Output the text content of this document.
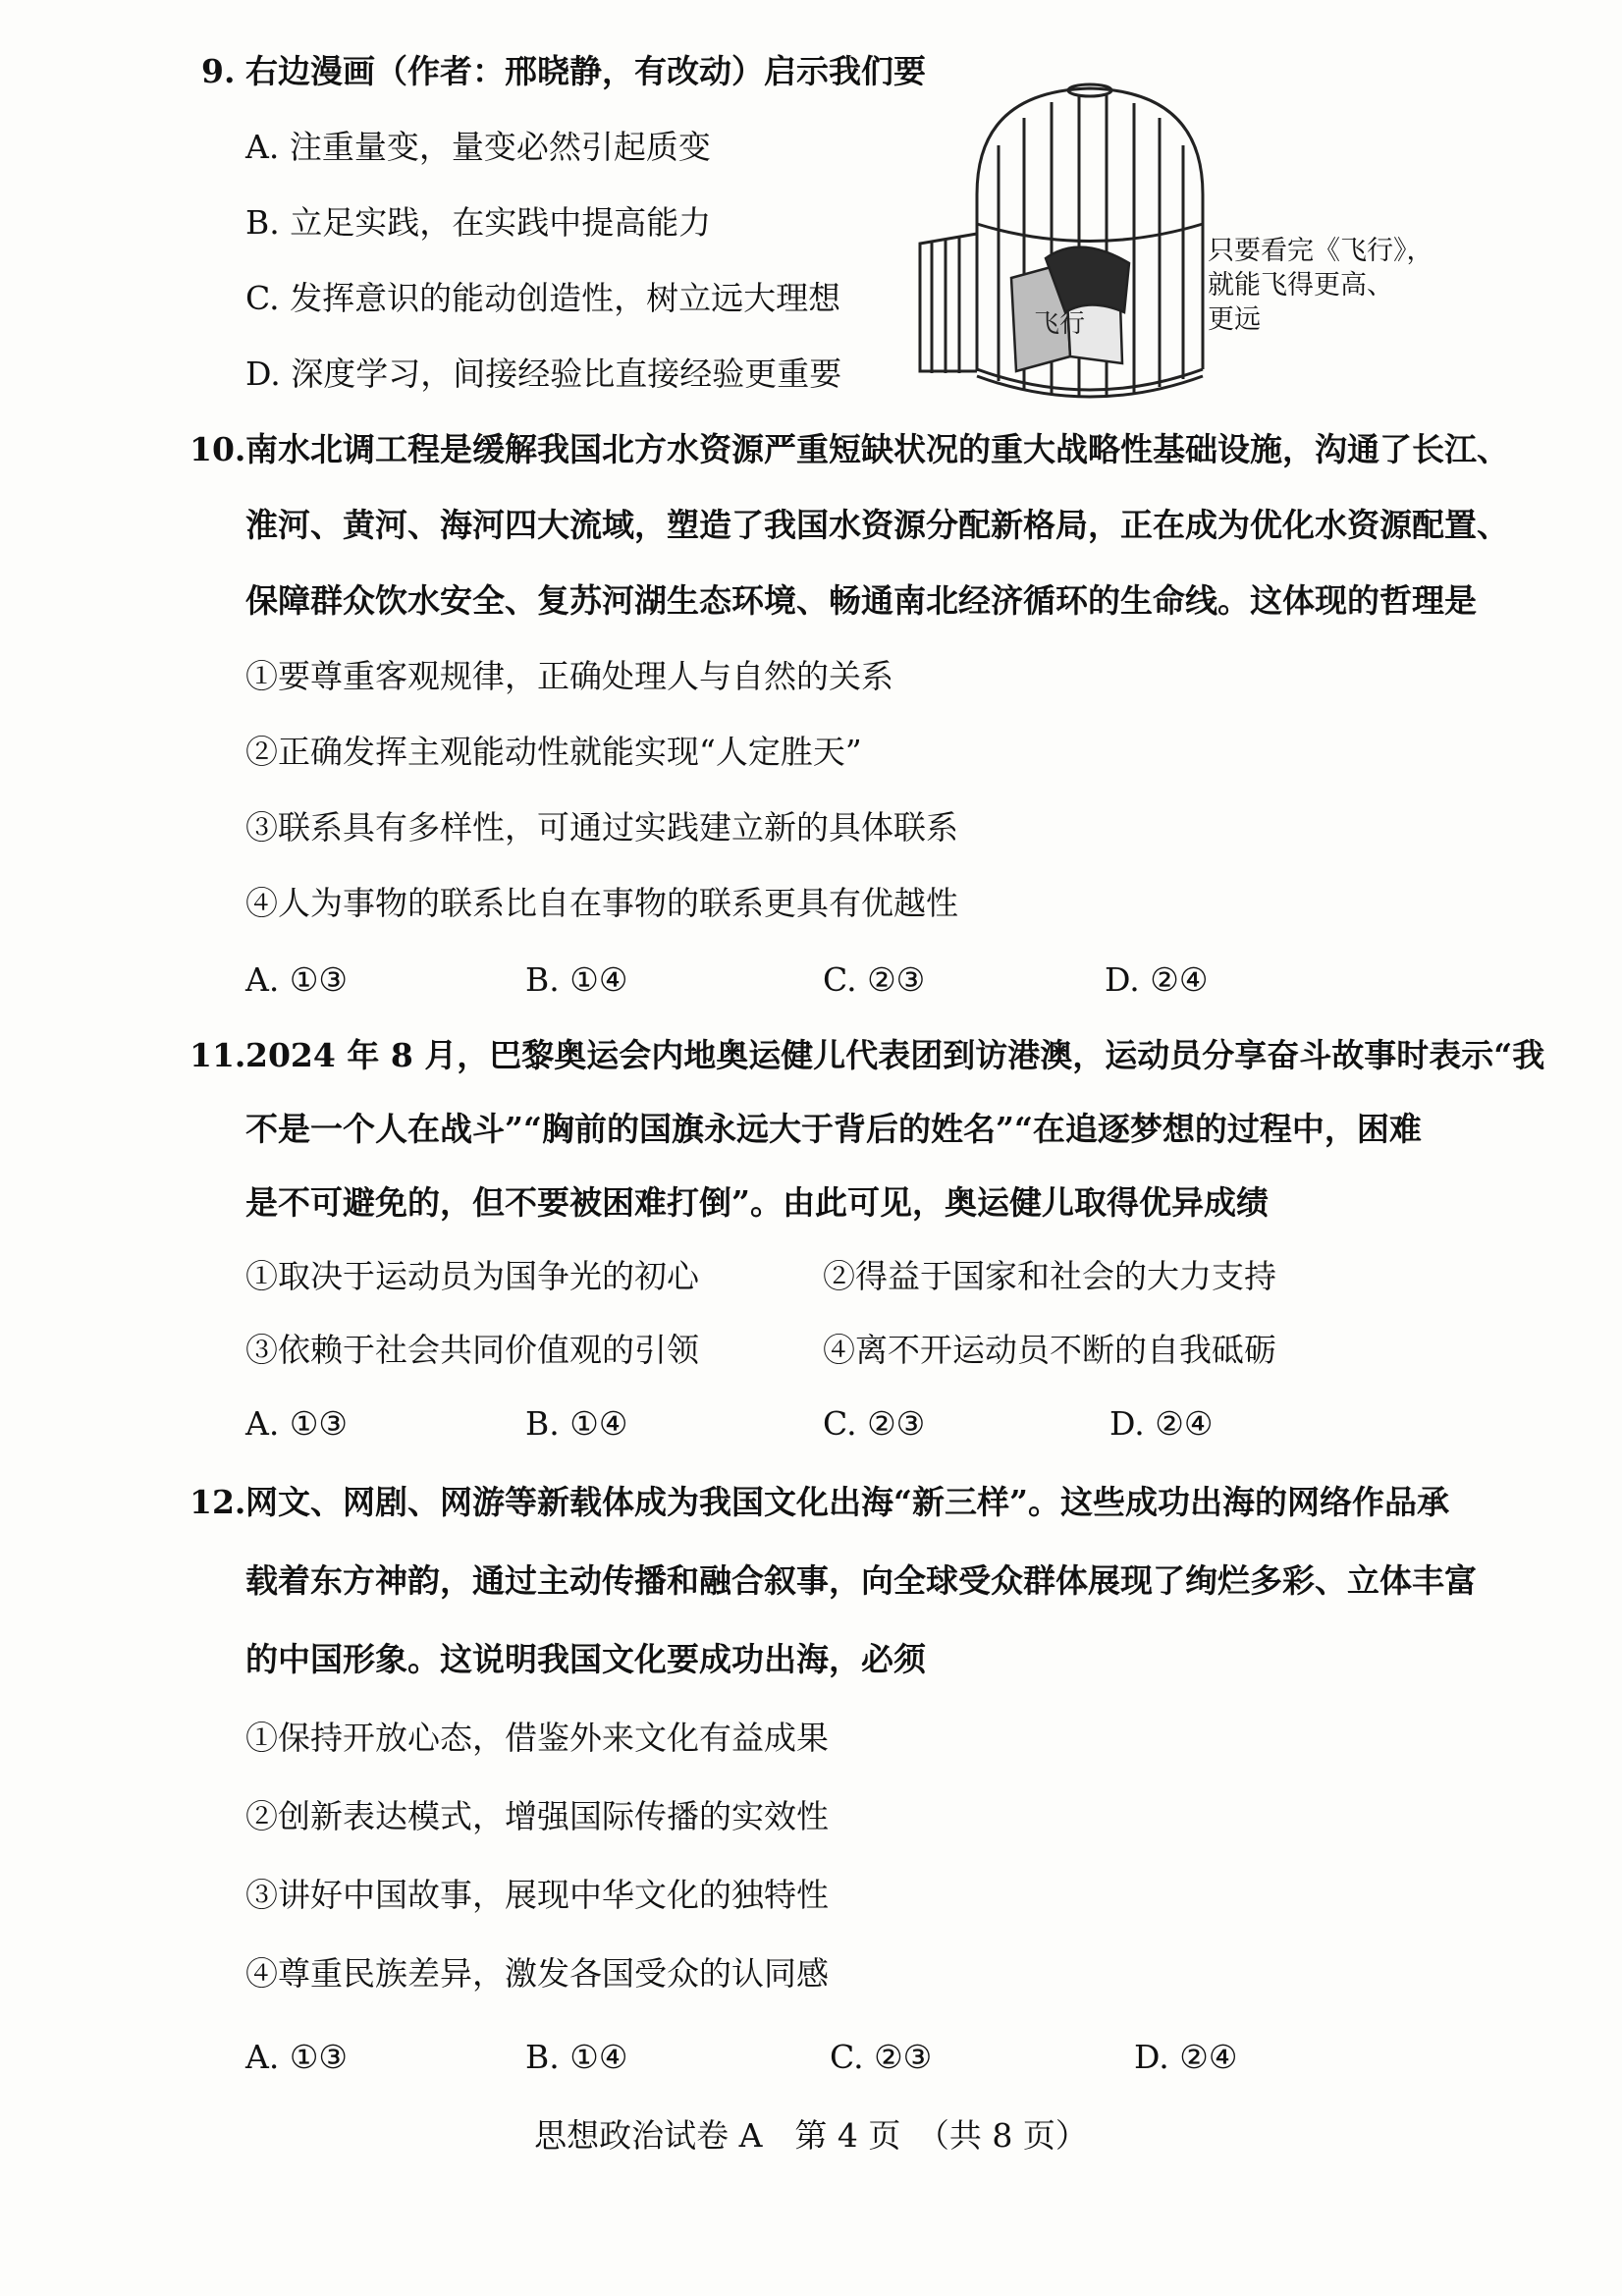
9. 右边漫画（作者：邢晓静，有改动）启示我们要
A. 注重量变，量变必然引起质变
B. 立足实践，在实践中提高能力
C. 发挥意识的能动创造性，树立远大理想
D. 深度学习，间接经验比直接经验更重要
飞行
只要看完《飞行》，
就能飞得更高、
更远
10. 南水北调工程是缓解我国北方水资源严重短缺状况的重大战略性基础设施，沟通了长江、
淮河、黄河、海河四大流域，塑造了我国水资源分配新格局，正在成为优化水资源配置、
保障群众饮水安全、复苏河湖生态环境、畅通南北经济循环的生命线。这体现的哲理是
①要尊重客观规律，正确处理人与自然的关系
②正确发挥主观能动性就能实现“人定胜天”
③联系具有多样性，可通过实践建立新的具体联系
④人为事物的联系比自在事物的联系更具有优越性
A. ①③	B. ①④	C. ②③	D. ②④
11. 2024 年 8 月，巴黎奥运会内地奥运健儿代表团到访港澳，运动员分享奋斗故事时表示“我
不是一个人在战斗”“胸前的国旗永远大于背后的姓名”“在追逐梦想的过程中，困难
是不可避免的，但不要被困难打倒”。由此可见，奥运健儿取得优异成绩
①取决于运动员为国争光的初心	②得益于国家和社会的大力支持
③依赖于社会共同价值观的引领	④离不开运动员不断的自我砥砺
A. ①③	B. ①④	C. ②③	D. ②④
12. 网文、网剧、网游等新载体成为我国文化出海“新三样”。这些成功出海的网络作品承
载着东方神韵，通过主动传播和融合叙事，向全球受众群体展现了绚烂多彩、立体丰富
的中国形象。这说明我国文化要成功出海，必须
①保持开放心态，借鉴外来文化有益成果
②创新表达模式，增强国际传播的实效性
③讲好中国故事，展现中华文化的独特性
④尊重民族差异，激发各国受众的认同感
A. ①③	B. ①④	C. ②③	D. ②④
思想政治试卷 A　第 4 页　（共 8 页）
